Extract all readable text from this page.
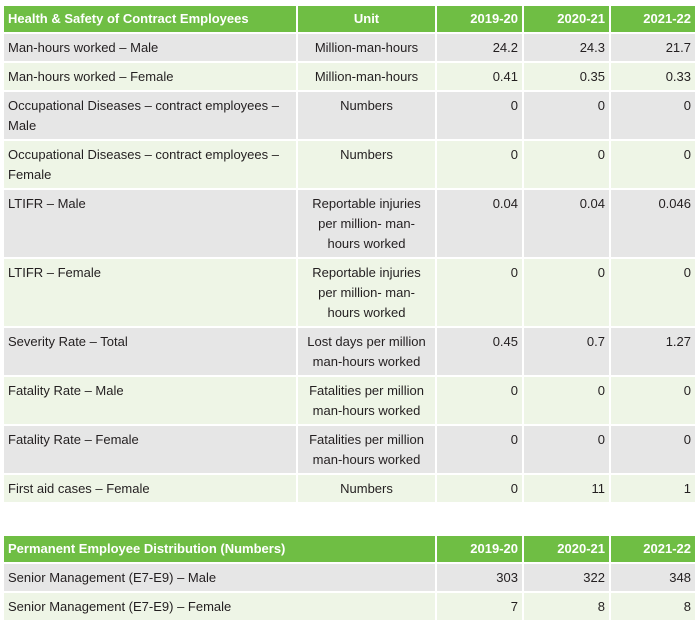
Health & Safety of Contract Employees	Unit	2019-20	2020-21	2021-22
Man-hours worked – Male	Million-man-hours	24.2	24.3	21.7
Man-hours worked – Female	Million-man-hours	0.41	0.35	0.33
Occupational Diseases – contract employees – Male	Numbers	0	0	0
Occupational Diseases – contract employees – Female	Numbers	0	0	0
LTIFR – Male	Reportable injuries per million- man-hours worked	0.04	0.04	0.046
LTIFR – Female	Reportable injuries per million- man-hours worked	0	0	0
Severity Rate – Total	Lost days per million man-hours worked	0.45	0.7	1.27
Fatality Rate – Male	Fatalities per million man-hours worked	0	0	0
Fatality Rate – Female	Fatalities per million man-hours worked	0	0	0
First aid cases – Female	Numbers	0	11	1
Permanent Employee Distribution (Numbers)	2019-20	2020-21	2021-22
Senior Management (E7-E9) – Male	303	322	348
Senior Management (E7-E9) – Female	7	8	8
